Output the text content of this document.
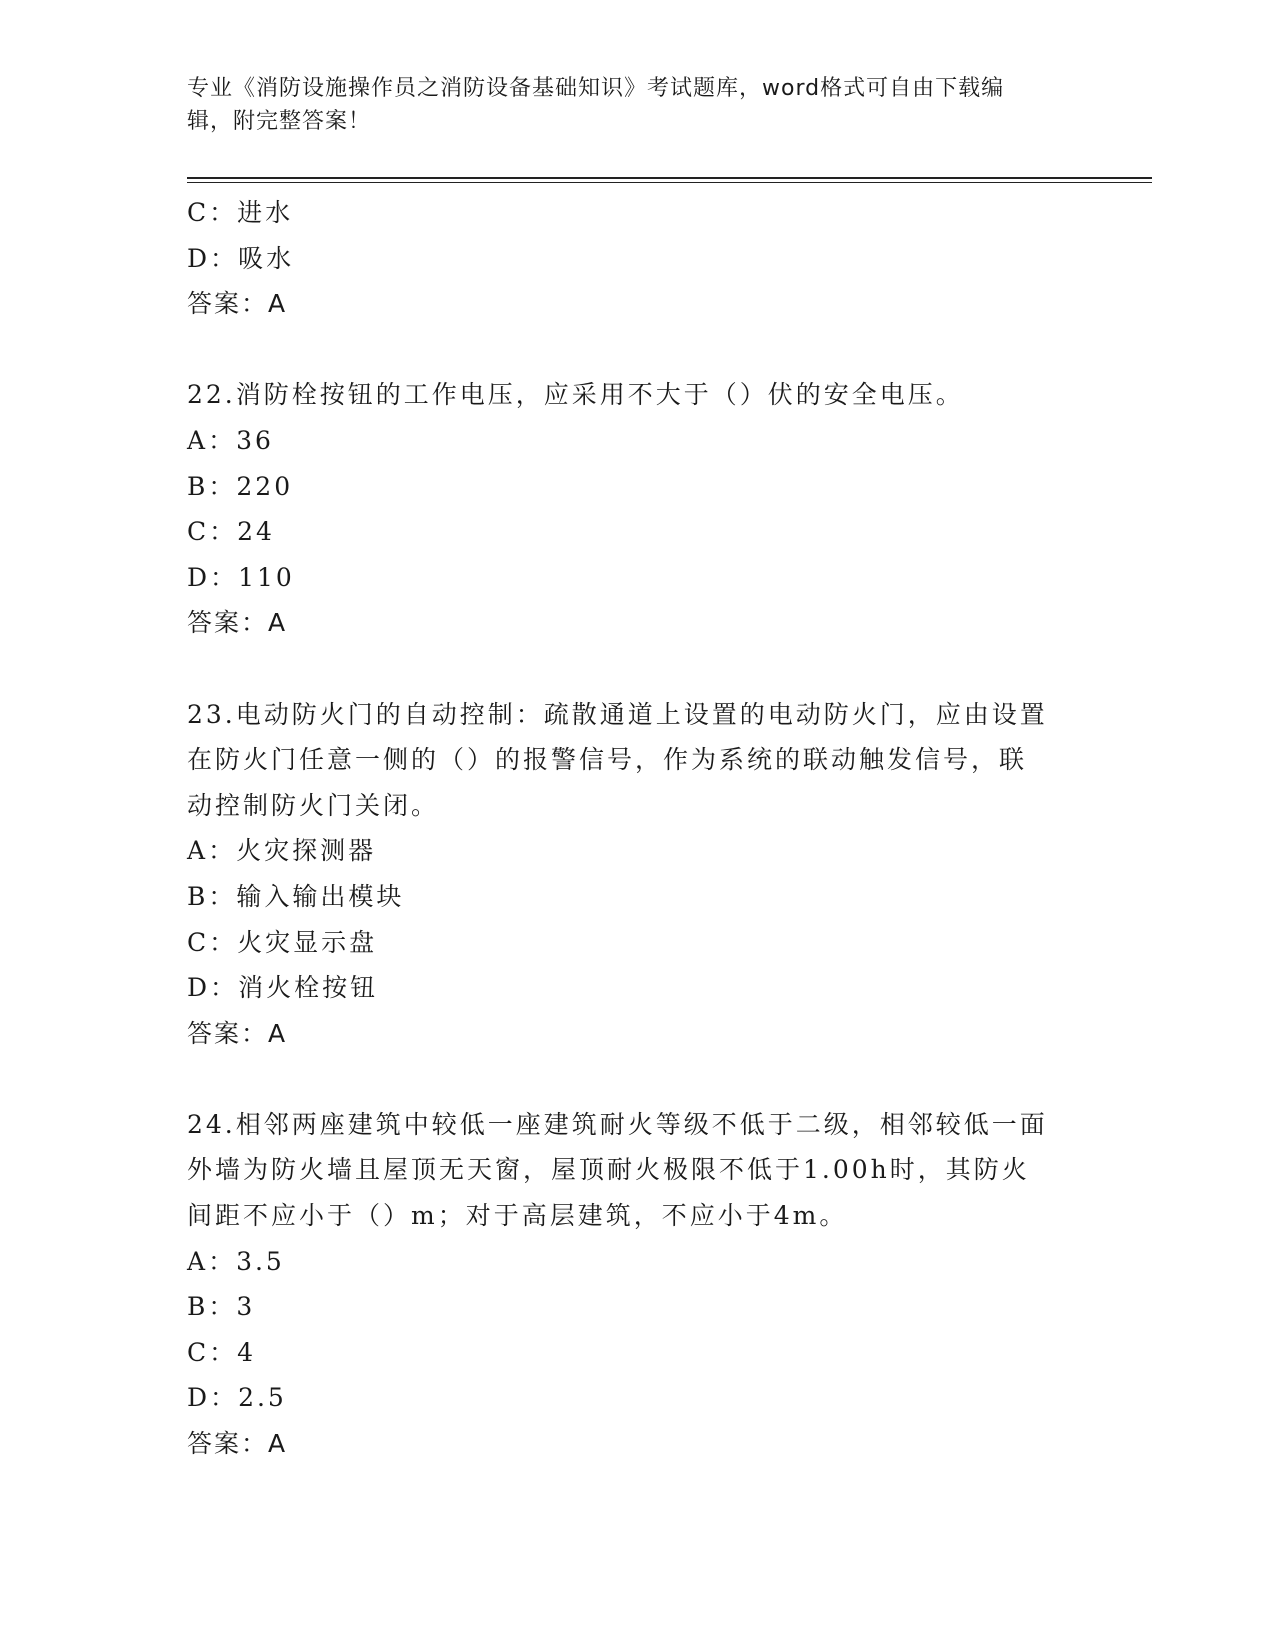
专业《消防设施操作员之消防设备基础知识》考试题库，word格式可自由下载编
辑，附完整答案！
C：进水
D：吸水
答案：A
22.消防栓按钮的工作电压，应采用不大于（）伏的安全电压。
A：36
B：220
C：24
D：110
答案：A
23.电动防火门的自动控制：疏散通道上设置的电动防火门，应由设置
在防火门任意一侧的（）的报警信号，作为系统的联动触发信号，联
动控制防火门关闭。
A：火灾探测器
B：输入输出模块
C：火灾显示盘
D：消火栓按钮
答案：A
24.相邻两座建筑中较低一座建筑耐火等级不低于二级，相邻较低一面
外墙为防火墙且屋顶无天窗，屋顶耐火极限不低于1.00h时，其防火
间距不应小于（）m；对于高层建筑，不应小于4m。
A：3.5
B：3
C：4
D：2.5
答案：A
